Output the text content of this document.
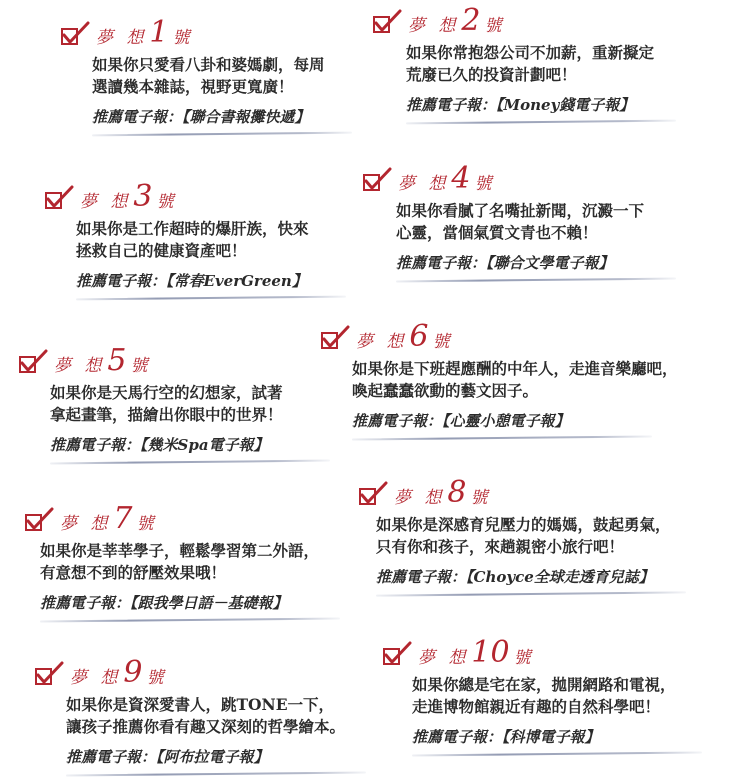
夢 想 1 號
如果你只愛看八卦和婆媽劇，每周
選讀幾本雜誌，視野更寬廣！
推薦電子報：【聯合書報攤快遞】
夢 想 2 號
如果你常抱怨公司不加薪，重新擬定
荒廢已久的投資計劃吧！
推薦電子報：【Money錢電子報】
夢 想 3 號
如果你是工作超時的爆肝族，快來
拯救自己的健康資產吧！
推薦電子報：【常春EverGreen】
夢 想 4 號
如果你看膩了名嘴扯新聞，沉澱一下
心靈，當個氣質文青也不賴！
推薦電子報：【聯合文學電子報】
夢 想 5 號
如果你是天馬行空的幻想家，試著
拿起畫筆，描繪出你眼中的世界！
推薦電子報：【幾米Spa電子報】
夢 想 6 號
如果你是下班趕應酬的中年人，走進音樂廳吧，
喚起蠢蠢欲動的藝文因子。
推薦電子報：【心靈小憩電子報】
夢 想 7 號
如果你是莘莘學子，輕鬆學習第二外語，
有意想不到的舒壓效果哦！
推薦電子報：【跟我學日語－基礎報】
夢 想 8 號
如果你是深感育兒壓力的媽媽，鼓起勇氣，
只有你和孩子，來趟親密小旅行吧！
推薦電子報：【Choyce全球走透育兒誌】
夢 想 9 號
如果你是資深愛書人，跳TONE一下，
讓孩子推薦你看有趣又深刻的哲學繪本。
推薦電子報：【阿布拉電子報】
夢 想 10 號
如果你總是宅在家，拋開網路和電視，
走進博物館親近有趣的自然科學吧！
推薦電子報：【科博電子報】
